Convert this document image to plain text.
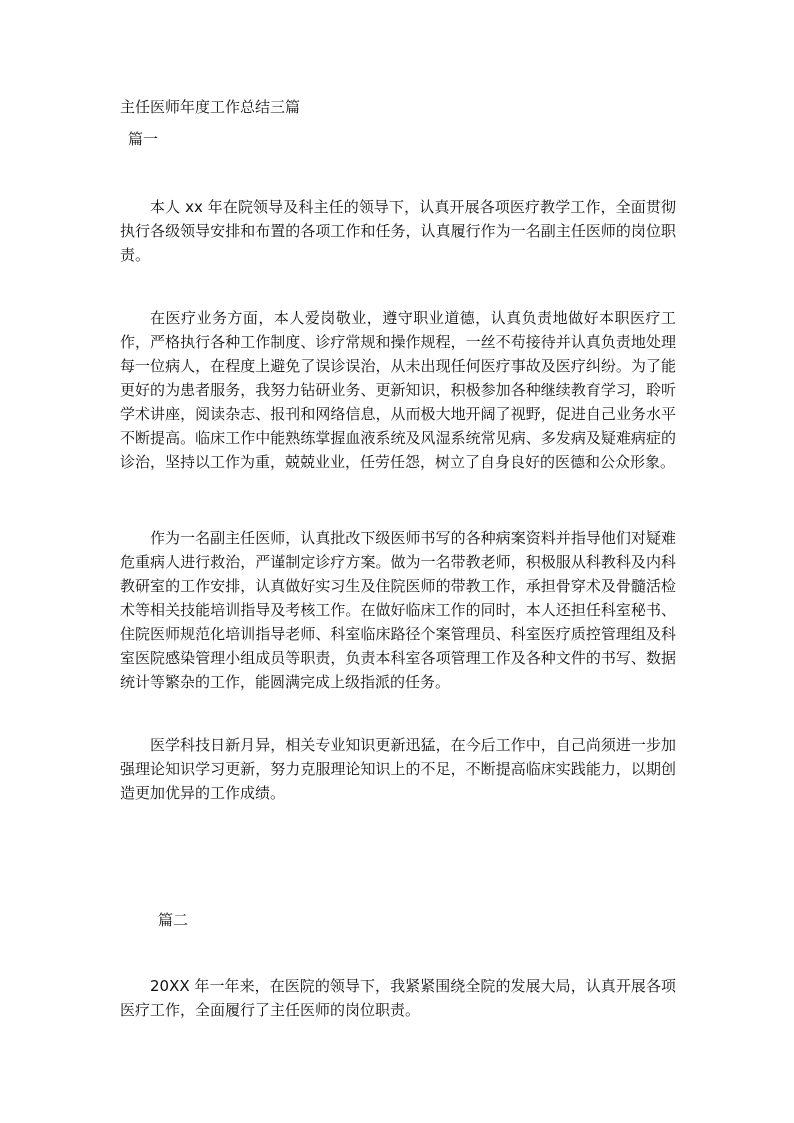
主任医师年度工作总结三篇
篇一

本人 xx 年在院领导及科主任的领导下，认真开展各项医疗教学工作，全面贯彻执行各级领导安排和布置的各项工作和任务，认真履行作为一名副主任医师的岗位职责。

在医疗业务方面，本人爱岗敬业，遵守职业道德，认真负责地做好本职医疗工作，严格执行各种工作制度、诊疗常规和操作规程，一丝不苟接待并认真负责地处理每一位病人，在程度上避免了误诊误治，从未出现任何医疗事故及医疗纠纷。为了能更好的为患者服务，我努力钻研业务、更新知识，积极参加各种继续教育学习，聆听学术讲座，阅读杂志、报刊和网络信息，从而极大地开阔了视野，促进自己业务水平不断提高。临床工作中能熟练掌握血液系统及风湿系统常见病、多发病及疑难病症的诊治，坚持以工作为重，兢兢业业，任劳任怨，树立了自身良好的医德和公众形象。

作为一名副主任医师，认真批改下级医师书写的各种病案资料并指导他们对疑难危重病人进行救治，严谨制定诊疗方案。做为一名带教老师，积极服从科教科及内科教研室的工作安排，认真做好实习生及住院医师的带教工作，承担骨穿术及骨髓活检术等相关技能培训指导及考核工作。在做好临床工作的同时，本人还担任科室秘书、住院医师规范化培训指导老师、科室临床路径个案管理员、科室医疗质控管理组及科室医院感染管理小组成员等职责，负责本科室各项管理工作及各种文件的书写、数据统计等繁杂的工作，能圆满完成上级指派的任务。

医学科技日新月异，相关专业知识更新迅猛，在今后工作中，自己尚须进一步加强理论知识学习更新，努力克服理论知识上的不足，不断提高临床实践能力，以期创造更加优异的工作成绩。

篇二

20XX 年一年来，在医院的领导下，我紧紧围绕全院的发展大局，认真开展各项医疗工作，全面履行了主任医师的岗位职责。
